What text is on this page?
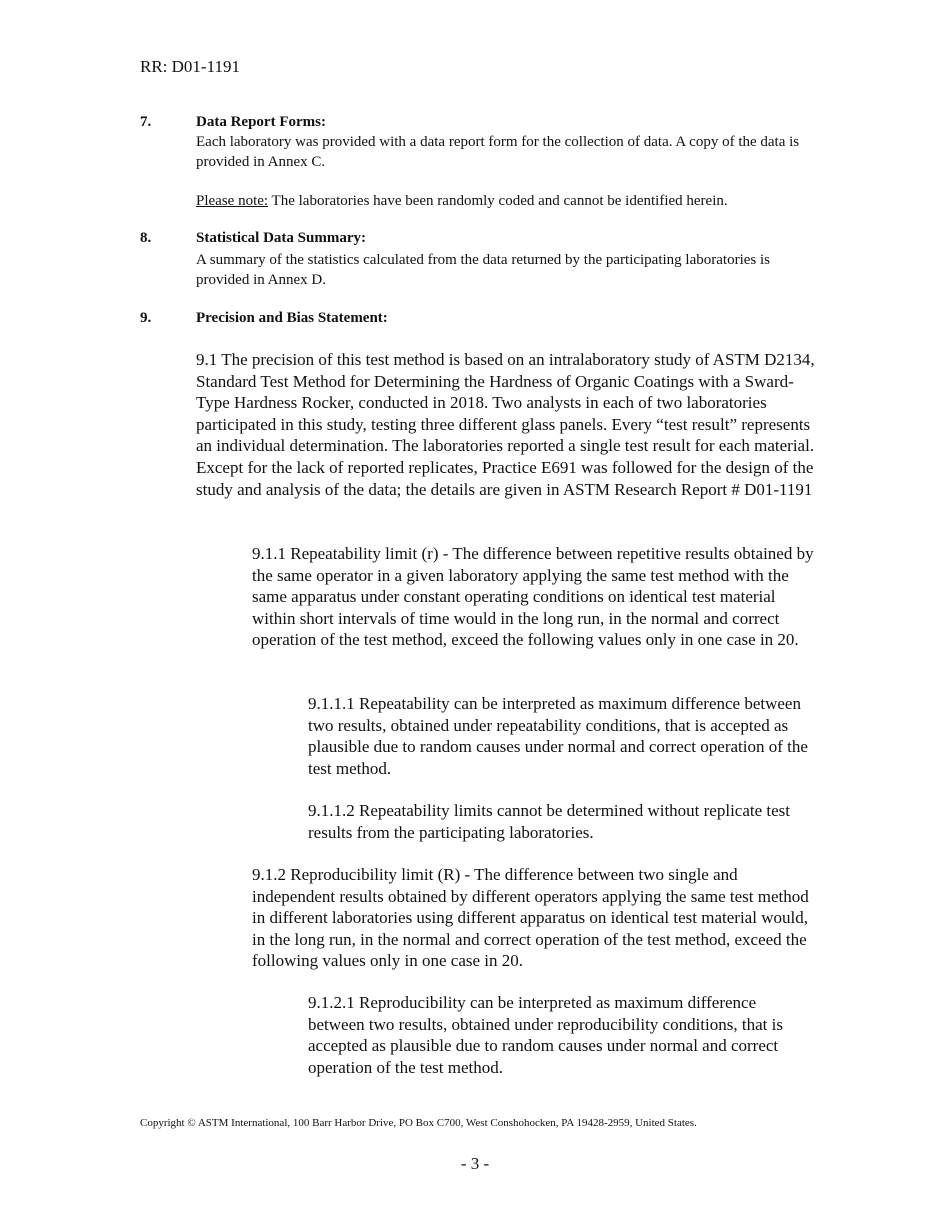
RR: D01-1191
7.	Data Report Forms:
Each laboratory was provided with a data report form for the collection of data. A copy of the data is provided in Annex C.
Please note: The laboratories have been randomly coded and cannot be identified herein.
8.	Statistical Data Summary:
A summary of the statistics calculated from the data returned by the participating laboratories is provided in Annex D.
9.	Precision and Bias Statement:
9.1 The precision of this test method is based on an intralaboratory study of ASTM D2134, Standard Test Method for Determining the Hardness of Organic Coatings with a Sward-Type Hardness Rocker, conducted in 2018. Two analysts in each of two laboratories participated in this study, testing three different glass panels. Every “test result” represents an individual determination. The laboratories reported a single test result for each material. Except for the lack of reported replicates, Practice E691 was followed for the design of the study and analysis of the data; the details are given in ASTM Research Report # D01-1191
9.1.1 Repeatability limit (r) - The difference between repetitive results obtained by the same operator in a given laboratory applying the same test method with the same apparatus under constant operating conditions on identical test material within short intervals of time would in the long run, in the normal and correct operation of the test method, exceed the following values only in one case in 20.
9.1.1.1 Repeatability can be interpreted as maximum difference between two results, obtained under repeatability conditions, that is accepted as plausible due to random causes under normal and correct operation of the test method.
9.1.1.2 Repeatability limits cannot be determined without replicate test results from the participating laboratories.
9.1.2 Reproducibility limit (R) - The difference between two single and independent results obtained by different operators applying the same test method in different laboratories using different apparatus on identical test material would, in the long run, in the normal and correct operation of the test method, exceed the following values only in one case in 20.
9.1.2.1 Reproducibility can be interpreted as maximum difference between two results, obtained under reproducibility conditions, that is accepted as plausible due to random causes under normal and correct operation of the test method.
Copyright © ASTM International, 100 Barr Harbor Drive, PO Box C700, West Conshohocken, PA 19428-2959, United States.
- 3 -
